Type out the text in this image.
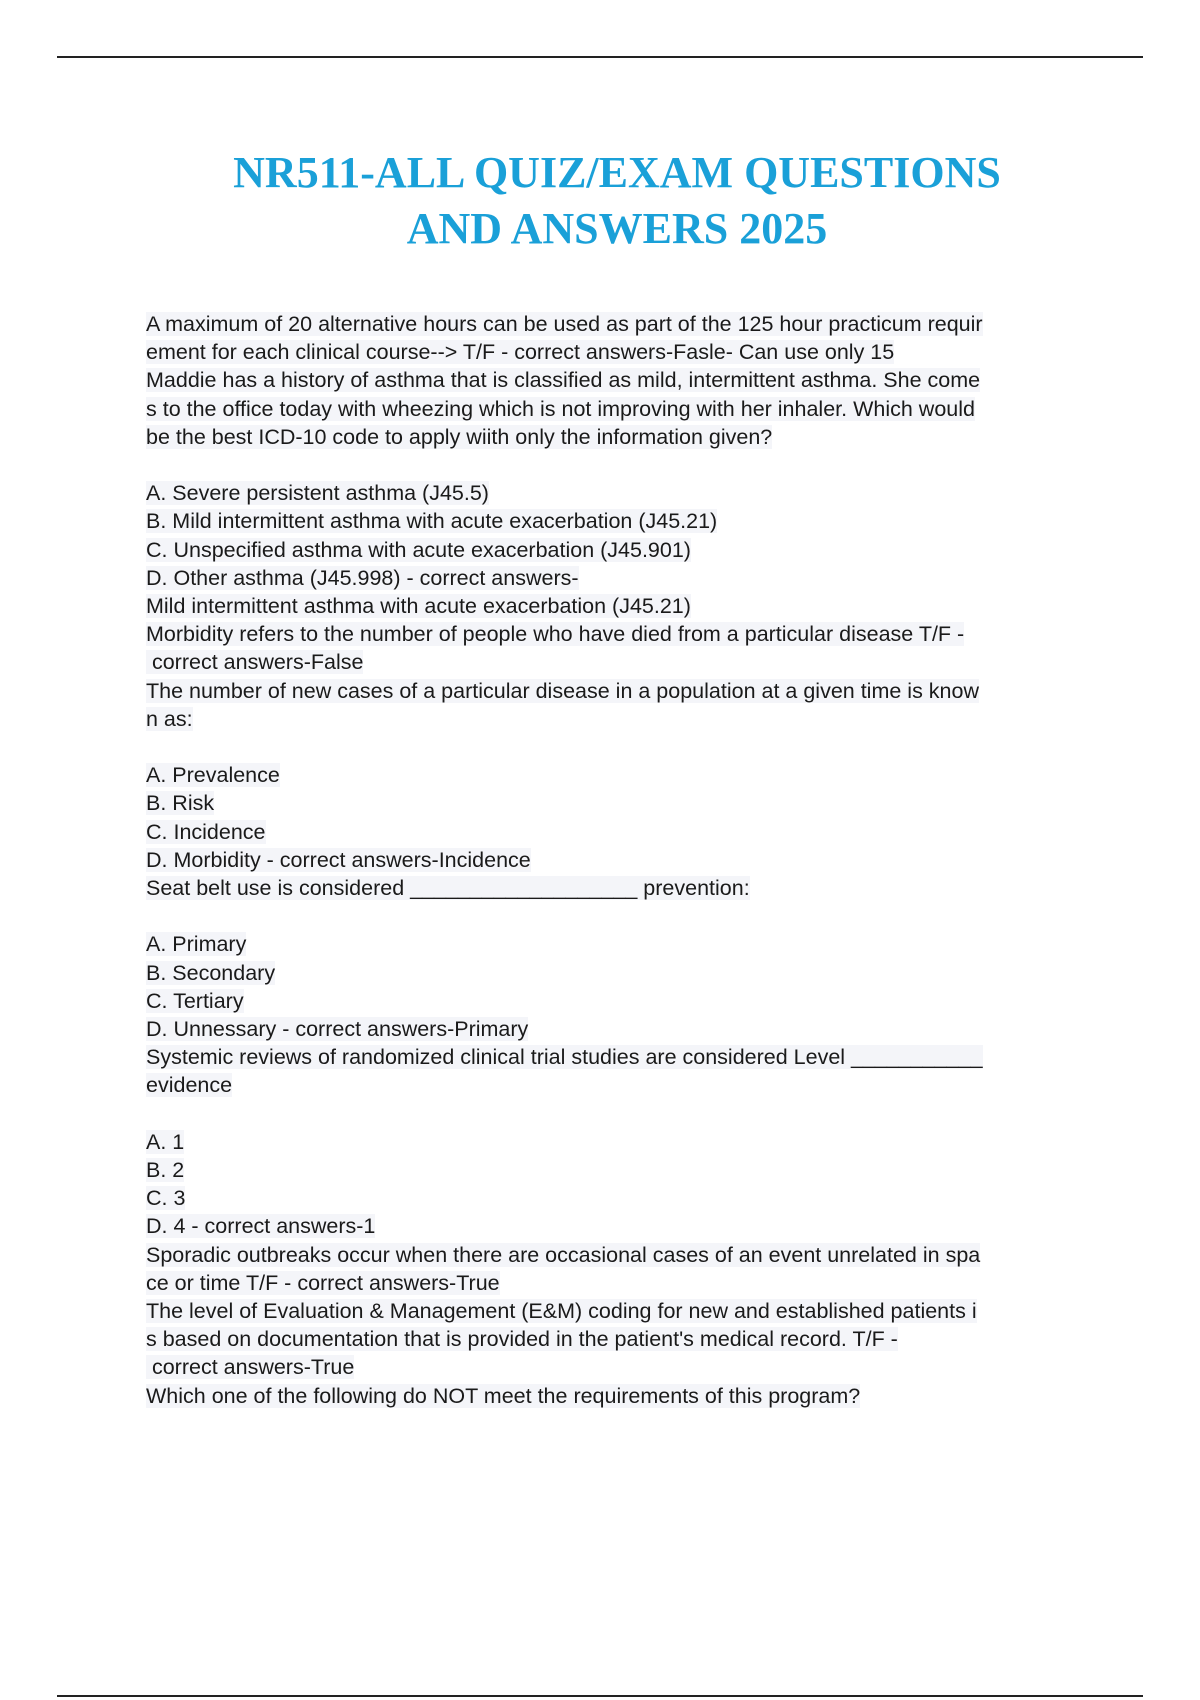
NR511-ALL QUIZ/EXAM QUESTIONS
AND ANSWERS 2025
A maximum of 20 alternative hours can be used as part of the 125 hour practicum requir
ement for each clinical course--> T/F - correct answers-Fasle- Can use only 15
Maddie has a history of asthma that is classified as mild, intermittent asthma. She come
s to the office today with wheezing which is not improving with her inhaler. Which would
be the best ICD-10 code to apply wiith only the information given?
A. Severe persistent asthma (J45.5)
B. Mild intermittent asthma with acute exacerbation (J45.21)
C. Unspecified asthma with acute exacerbation (J45.901)
D. Other asthma (J45.998) - correct answers-
Mild intermittent asthma with acute exacerbation (J45.21)
Morbidity refers to the number of people who have died from a particular disease T/F -
correct answers-False
The number of new cases of a particular disease in a population at a given time is know
n as:
A. Prevalence
B. Risk
C. Incidence
D. Morbidity - correct answers-Incidence
Seat belt use is considered ___________________ prevention:
A. Primary
B. Secondary
C. Tertiary
D. Unnessary - correct answers-Primary
Systemic reviews of randomized clinical trial studies are considered Level ___________
evidence
A. 1
B. 2
C. 3
D. 4 - correct answers-1
Sporadic outbreaks occur when there are occasional cases of an event unrelated in spa
ce or time T/F - correct answers-True
The level of Evaluation & Management (E&M) coding for new and established patients i
s based on documentation that is provided in the patient's medical record. T/F -
correct answers-True
Which one of the following do NOT meet the requirements of this program?
